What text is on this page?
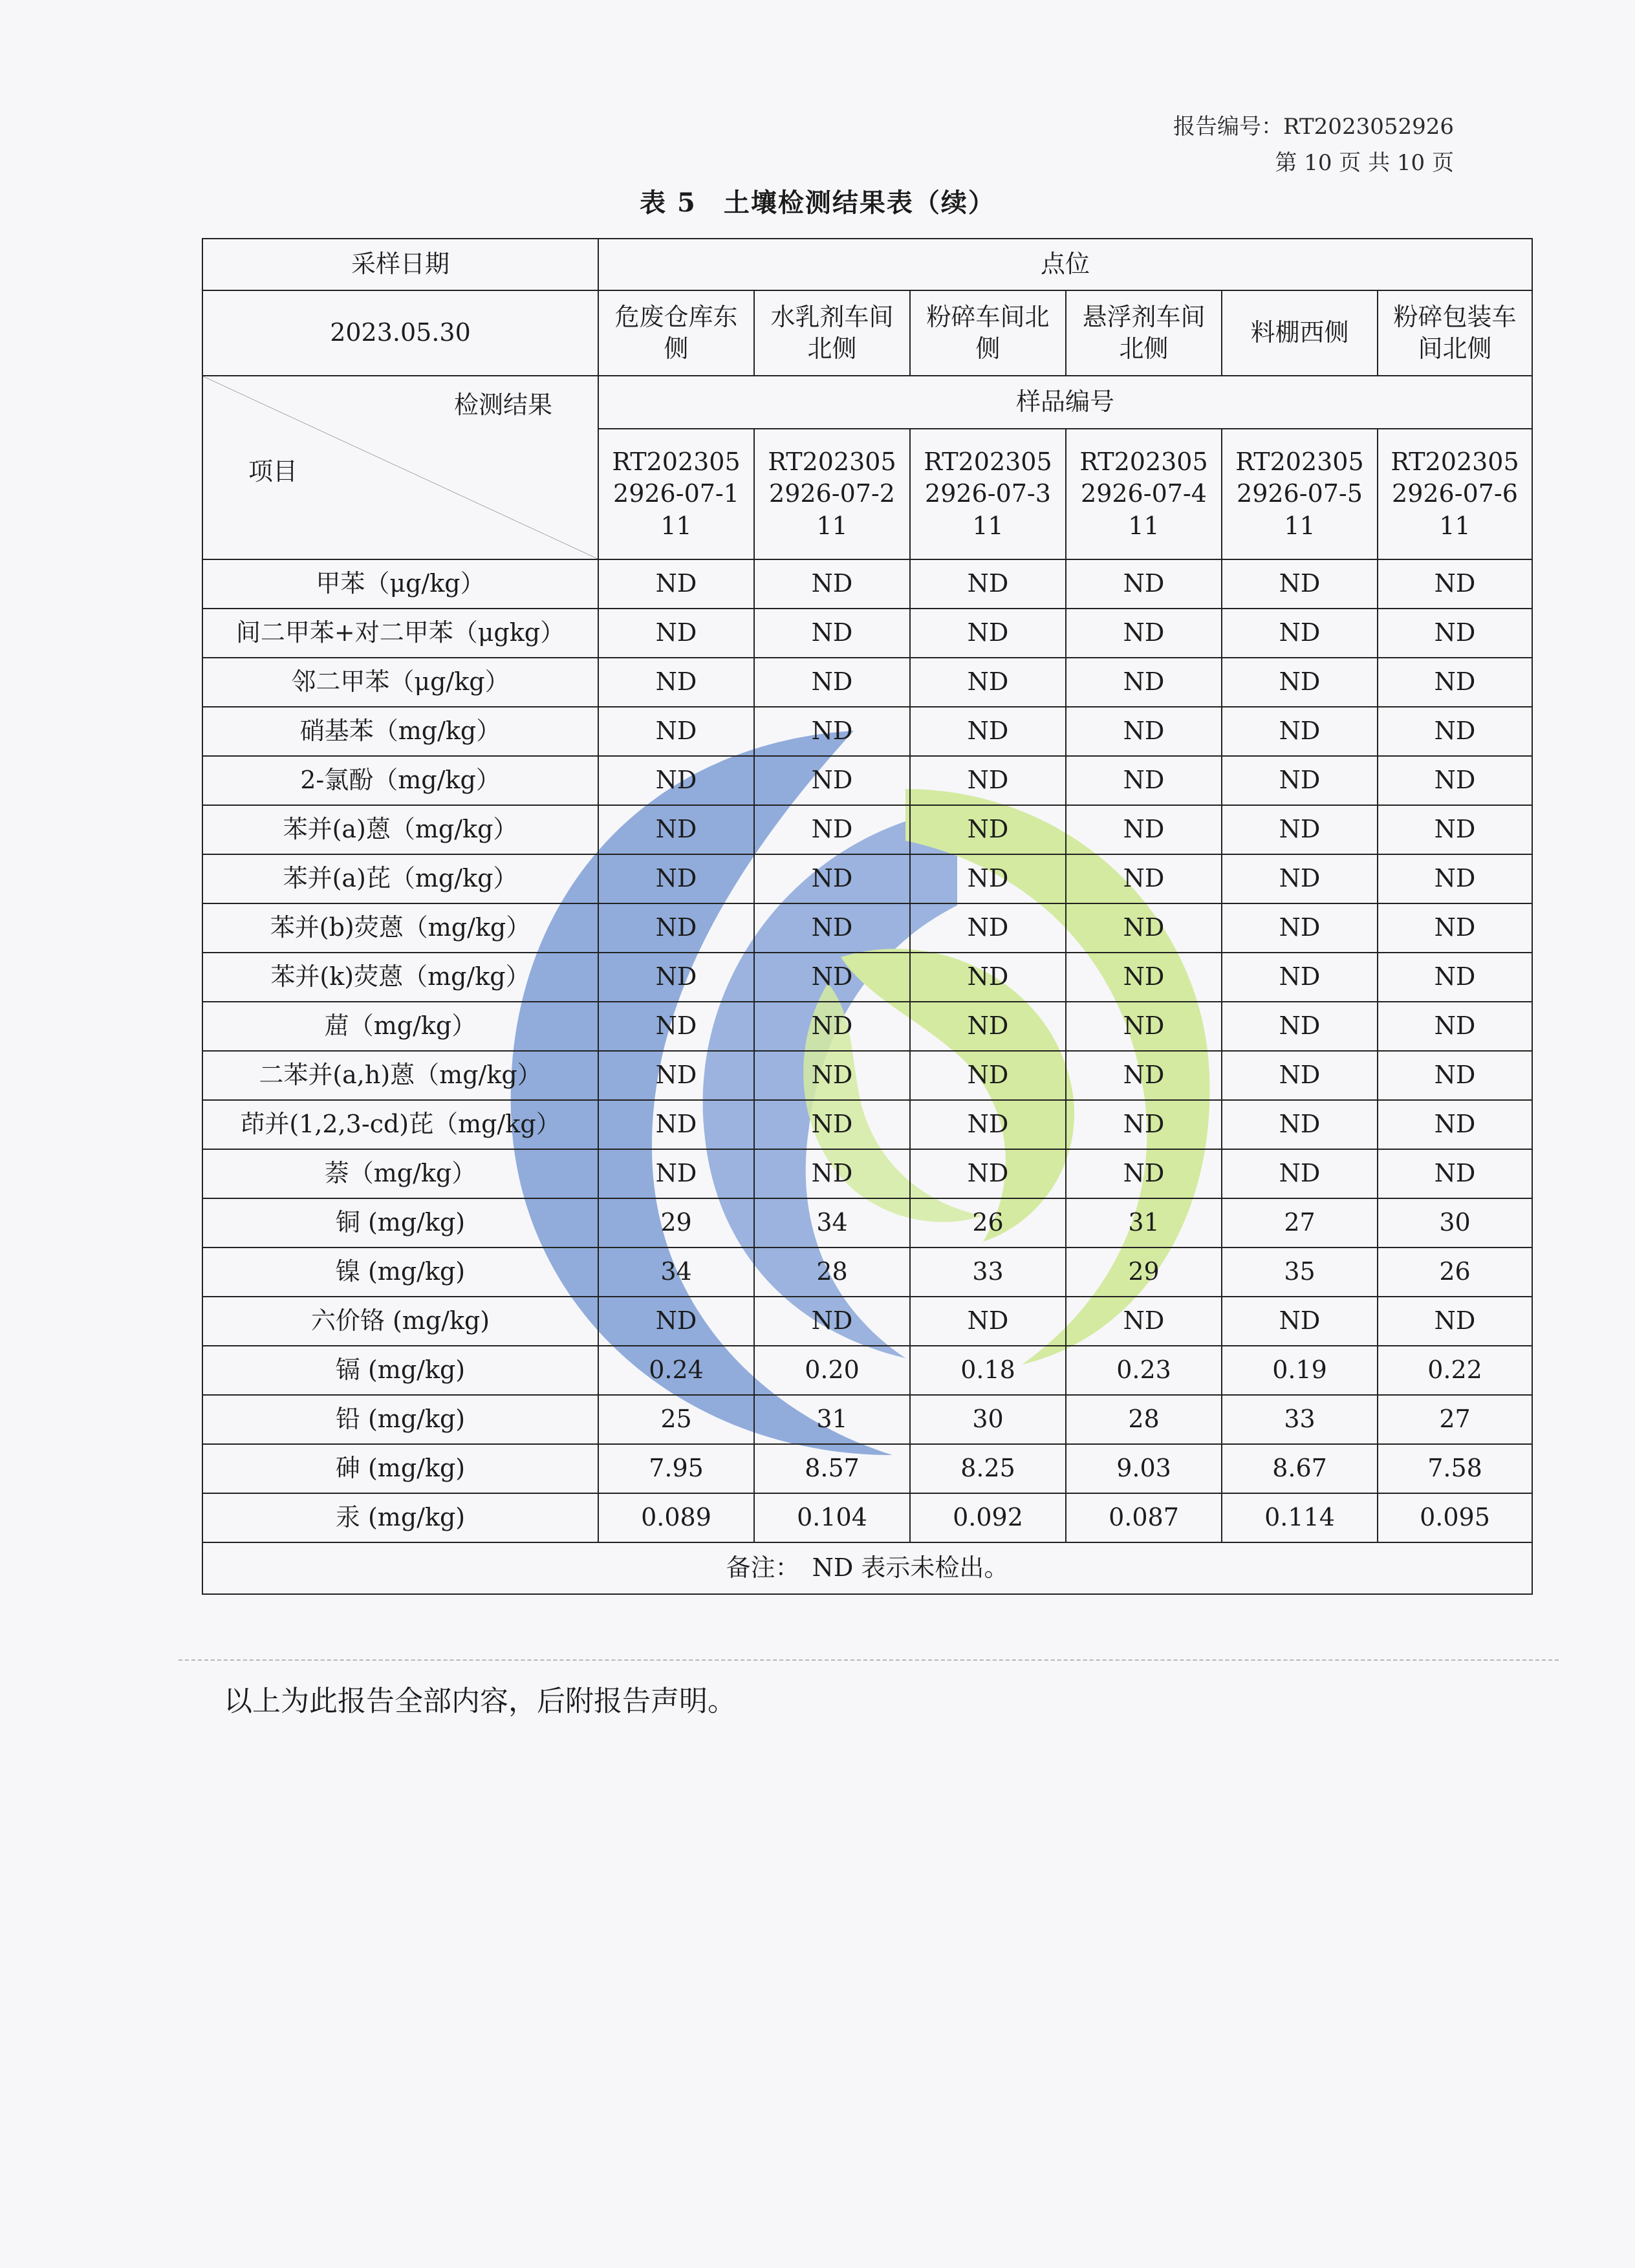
报告编号：RT2023052926
第 10 页 共 10 页
表 5　土壤检测结果表（续）
采样日期	点位					
2023.05.30	危废仓库东侧	水乳剂车间北侧	粉碎车间北侧	悬浮剂车间北侧	料棚西侧	粉碎包装车间北侧

检测结果
项目	样品编号					
	RT2023052926-07-111	RT2023052926-07-211	RT2023052926-07-311	RT2023052926-07-411	RT2023052926-07-511	RT2023052926-07-611
甲苯（μg/kg）	ND	ND	ND	ND	ND	ND
间二甲苯+对二甲苯（μgkg）	ND	ND	ND	ND	ND	ND
邻二甲苯（μg/kg）	ND	ND	ND	ND	ND	ND
硝基苯（mg/kg）	ND	ND	ND	ND	ND	ND
2-氯酚（mg/kg）	ND	ND	ND	ND	ND	ND
苯并(a)蒽（mg/kg）	ND	ND	ND	ND	ND	ND
苯并(a)芘（mg/kg）	ND	ND	ND	ND	ND	ND
苯并(b)荧蒽（mg/kg）	ND	ND	ND	ND	ND	ND
苯并(k)荧蒽（mg/kg）	ND	ND	ND	ND	ND	ND
䓛（mg/kg）	ND	ND	ND	ND	ND	ND
二苯并(a,h)蒽（mg/kg）	ND	ND	ND	ND	ND	ND
茚并(1,2,3-cd)芘（mg/kg）	ND	ND	ND	ND	ND	ND
萘（mg/kg）	ND	ND	ND	ND	ND	ND
铜 (mg/kg)	29	34	26	31	27	30
镍 (mg/kg)	34	28	33	29	35	26
六价铬 (mg/kg)	ND	ND	ND	ND	ND	ND
镉 (mg/kg)	0.24	0.20	0.18	0.23	0.19	0.22
铅 (mg/kg)	25	31	30	28	33	27
砷 (mg/kg)	7.95	8.57	8.25	9.03	8.67	7.58
汞 (mg/kg)	0.089	0.104	0.092	0.087	0.114	0.095
备注：　ND 表示未检出。						
以上为此报告全部内容，后附报告声明。
